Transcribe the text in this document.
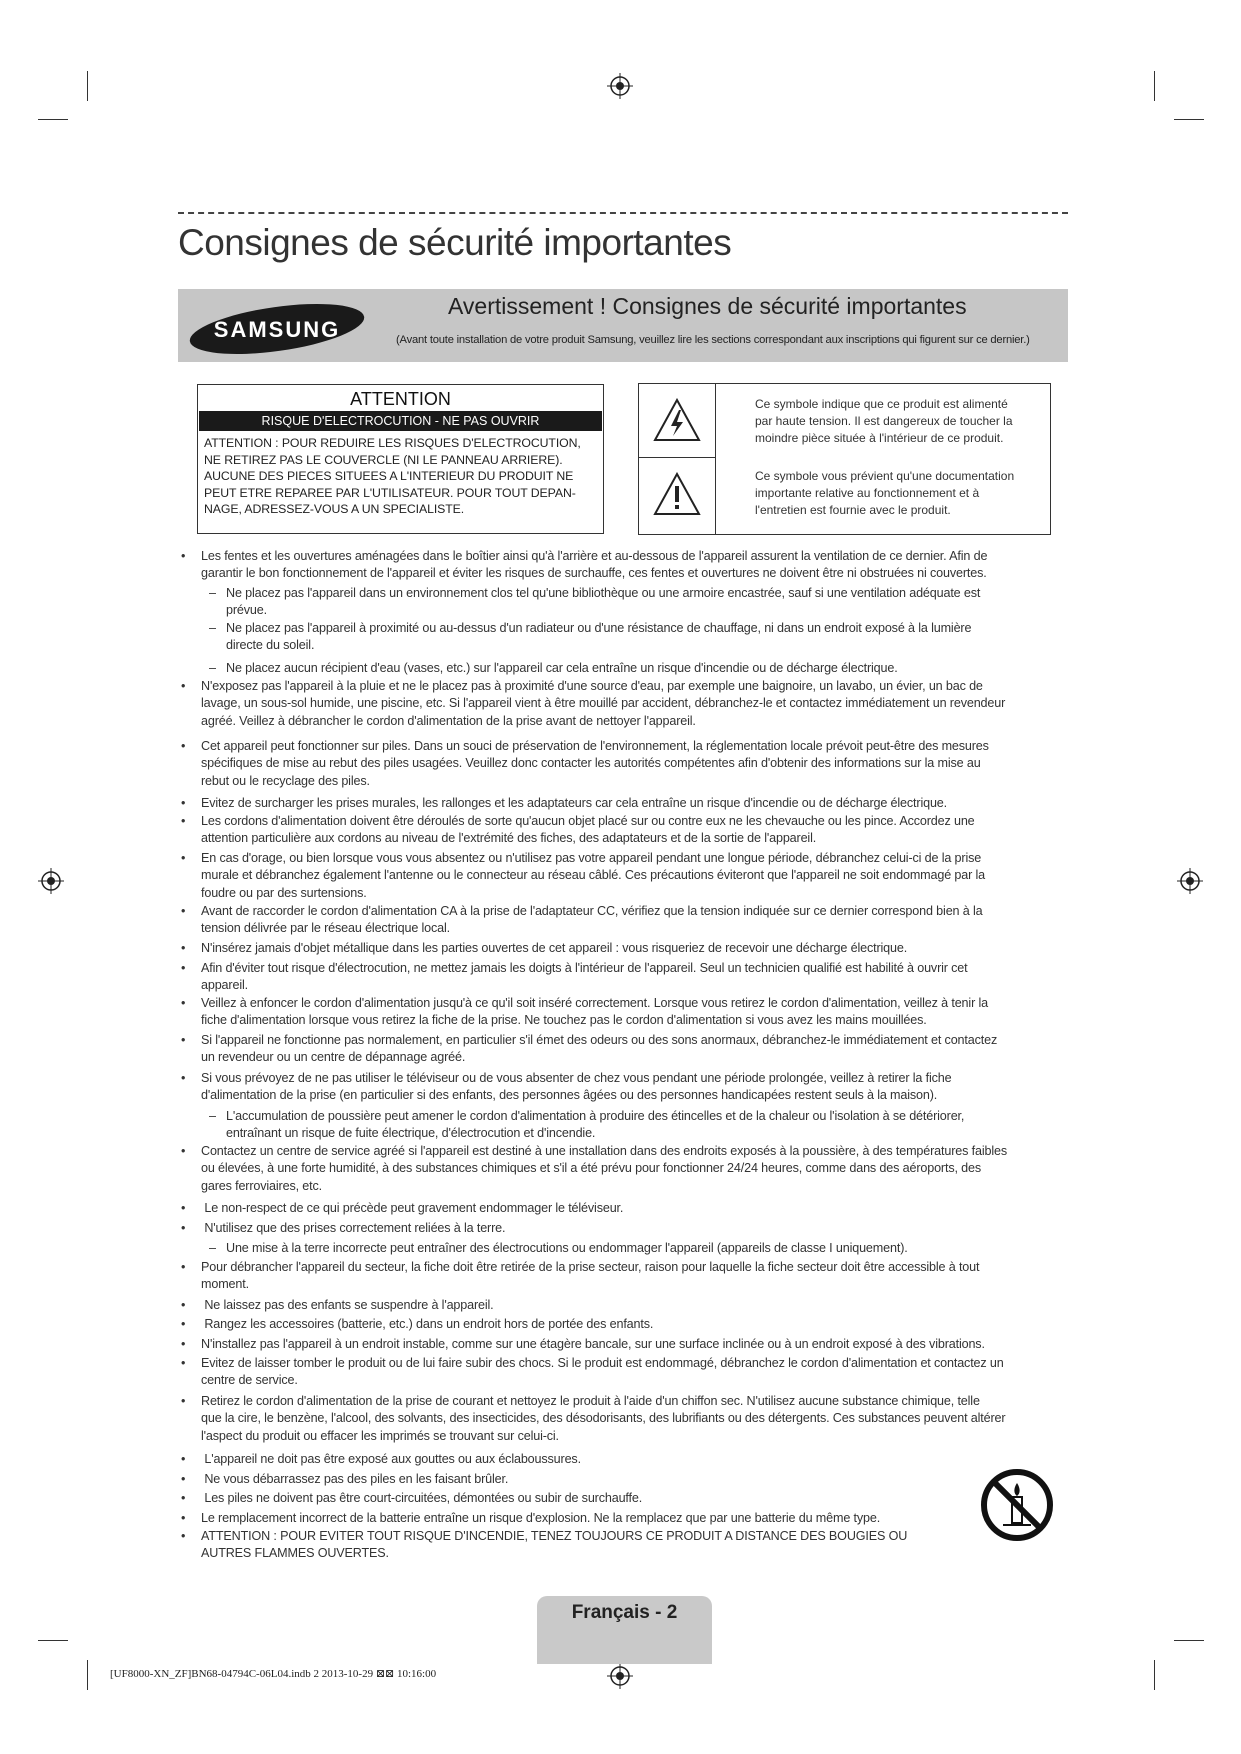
Consignes de sécurité importantes
SAMSUNG
Avertissement ! Consignes de sécurité importantes
(Avant toute installation de votre produit Samsung, veuillez lire les sections correspondant aux inscriptions qui figurent sur ce dernier.)
ATTENTION
RISQUE D'ELECTROCUTION - NE PAS OUVRIR
ATTENTION : POUR REDUIRE LES RISQUES D'ELECTROCUTION,
NE RETIREZ PAS LE COUVERCLE (NI LE PANNEAU ARRIERE).
AUCUNE DES PIECES SITUEES A L'INTERIEUR DU PRODUIT NE
PEUT ETRE REPAREE PAR L'UTILISATEUR. POUR TOUT DEPAN-
NAGE, ADRESSEZ-VOUS A UN SPECIALISTE.
Ce symbole indique que ce produit est alimenté
par haute tension. Il est dangereux de toucher la
moindre pièce située à l'intérieur de ce produit.
Ce symbole vous prévient qu'une documentation
importante relative au fonctionnement et à
l'entretien est fournie avec le produit.
• Les fentes et les ouvertures aménagées dans le boîtier ainsi qu'à l'arrière et au-dessous de l'appareil assurent la ventilation de ce dernier. Afin de
garantir le bon fonctionnement de l'appareil et éviter les risques de surchauffe, ces fentes et ouvertures ne doivent être ni obstruées ni couvertes.
– Ne placez pas l'appareil dans un environnement clos tel qu'une bibliothèque ou une armoire encastrée, sauf si une ventilation adéquate est
prévue.
– Ne placez pas l'appareil à proximité ou au-dessus d'un radiateur ou d'une résistance de chauffage, ni dans un endroit exposé à la lumière
directe du soleil.
– Ne placez aucun récipient d'eau (vases, etc.) sur l'appareil car cela entraîne un risque d'incendie ou de décharge électrique.
• N'exposez pas l'appareil à la pluie et ne le placez pas à proximité d'une source d'eau, par exemple une baignoire, un lavabo, un évier, un bac de
lavage, un sous-sol humide, une piscine, etc. Si l'appareil vient à être mouillé par accident, débranchez-le et contactez immédiatement un revendeur
agréé. Veillez à débrancher le cordon d'alimentation de la prise avant de nettoyer l'appareil.
• Cet appareil peut fonctionner sur piles. Dans un souci de préservation de l'environnement, la réglementation locale prévoit peut-être des mesures
spécifiques de mise au rebut des piles usagées. Veuillez donc contacter les autorités compétentes afin d'obtenir des informations sur la mise au
rebut ou le recyclage des piles.
• Evitez de surcharger les prises murales, les rallonges et les adaptateurs car cela entraîne un risque d'incendie ou de décharge électrique.
• Les cordons d'alimentation doivent être déroulés de sorte qu'aucun objet placé sur ou contre eux ne les chevauche ou les pince. Accordez une
attention particulière aux cordons au niveau de l'extrémité des fiches, des adaptateurs et de la sortie de l'appareil.
• En cas d'orage, ou bien lorsque vous vous absentez ou n'utilisez pas votre appareil pendant une longue période, débranchez celui-ci de la prise
murale et débranchez également l'antenne ou le connecteur au réseau câblé. Ces précautions éviteront que l'appareil ne soit endommagé par la
foudre ou par des surtensions.
• Avant de raccorder le cordon d'alimentation CA à la prise de l'adaptateur CC, vérifiez que la tension indiquée sur ce dernier correspond bien à la
tension délivrée par le réseau électrique local.
• N'insérez jamais d'objet métallique dans les parties ouvertes de cet appareil : vous risqueriez de recevoir une décharge électrique.
• Afin d'éviter tout risque d'électrocution, ne mettez jamais les doigts à l'intérieur de l'appareil. Seul un technicien qualifié est habilité à ouvrir cet
appareil.
• Veillez à enfoncer le cordon d'alimentation jusqu'à ce qu'il soit inséré correctement. Lorsque vous retirez le cordon d'alimentation, veillez à tenir la
fiche d'alimentation lorsque vous retirez la fiche de la prise. Ne touchez pas le cordon d'alimentation si vous avez les mains mouillées.
• Si l'appareil ne fonctionne pas normalement, en particulier s'il émet des odeurs ou des sons anormaux, débranchez-le immédiatement et contactez
un revendeur ou un centre de dépannage agréé.
• Si vous prévoyez de ne pas utiliser le téléviseur ou de vous absenter de chez vous pendant une période prolongée, veillez à retirer la fiche
d'alimentation de la prise (en particulier si des enfants, des personnes âgées ou des personnes handicapées restent seuls à la maison).
– L'accumulation de poussière peut amener le cordon d'alimentation à produire des étincelles et de la chaleur ou l'isolation à se détériorer,
entraînant un risque de fuite électrique, d'électrocution et d'incendie.
• Contactez un centre de service agréé si l'appareil est destiné à une installation dans des endroits exposés à la poussière, à des températures faibles
ou élevées, à une forte humidité, à des substances chimiques et s'il a été prévu pour fonctionner 24/24 heures, comme dans des aéroports, des
gares ferroviaires, etc.
• Le non-respect de ce qui précède peut gravement endommager le téléviseur.
• N'utilisez que des prises correctement reliées à la terre.
– Une mise à la terre incorrecte peut entraîner des électrocutions ou endommager l'appareil (appareils de classe I uniquement).
• Pour débrancher l'appareil du secteur, la fiche doit être retirée de la prise secteur, raison pour laquelle la fiche secteur doit être accessible à tout
moment.
• Ne laissez pas des enfants se suspendre à l'appareil.
• Rangez les accessoires (batterie, etc.) dans un endroit hors de portée des enfants.
• N'installez pas l'appareil à un endroit instable, comme sur une étagère bancale, sur une surface inclinée ou à un endroit exposé à des vibrations.
• Evitez de laisser tomber le produit ou de lui faire subir des chocs. Si le produit est endommagé, débranchez le cordon d'alimentation et contactez un
centre de service.
• Retirez le cordon d'alimentation de la prise de courant et nettoyez le produit à l'aide d'un chiffon sec. N'utilisez aucune substance chimique, telle
que la cire, le benzène, l'alcool, des solvants, des insecticides, des désodorisants, des lubrifiants ou des détergents. Ces substances peuvent altérer
l'aspect du produit ou effacer les imprimés se trouvant sur celui-ci.
• L'appareil ne doit pas être exposé aux gouttes ou aux éclaboussures.
• Ne vous débarrassez pas des piles en les faisant brûler.
• Les piles ne doivent pas être court-circuitées, démontées ou subir de surchauffe.
• Le remplacement incorrect de la batterie entraîne un risque d'explosion. Ne la remplacez que par une batterie du même type.
• ATTENTION : POUR EVITER TOUT RISQUE D'INCENDIE, TENEZ TOUJOURS CE PRODUIT A DISTANCE DES BOUGIES OU
AUTRES FLAMMES OUVERTES.
Français - 2
[UF8000-XN_ZF]BN68-04794C-06L04.indb 2 2013-10-29 ⊠⊠ 10:16:00
